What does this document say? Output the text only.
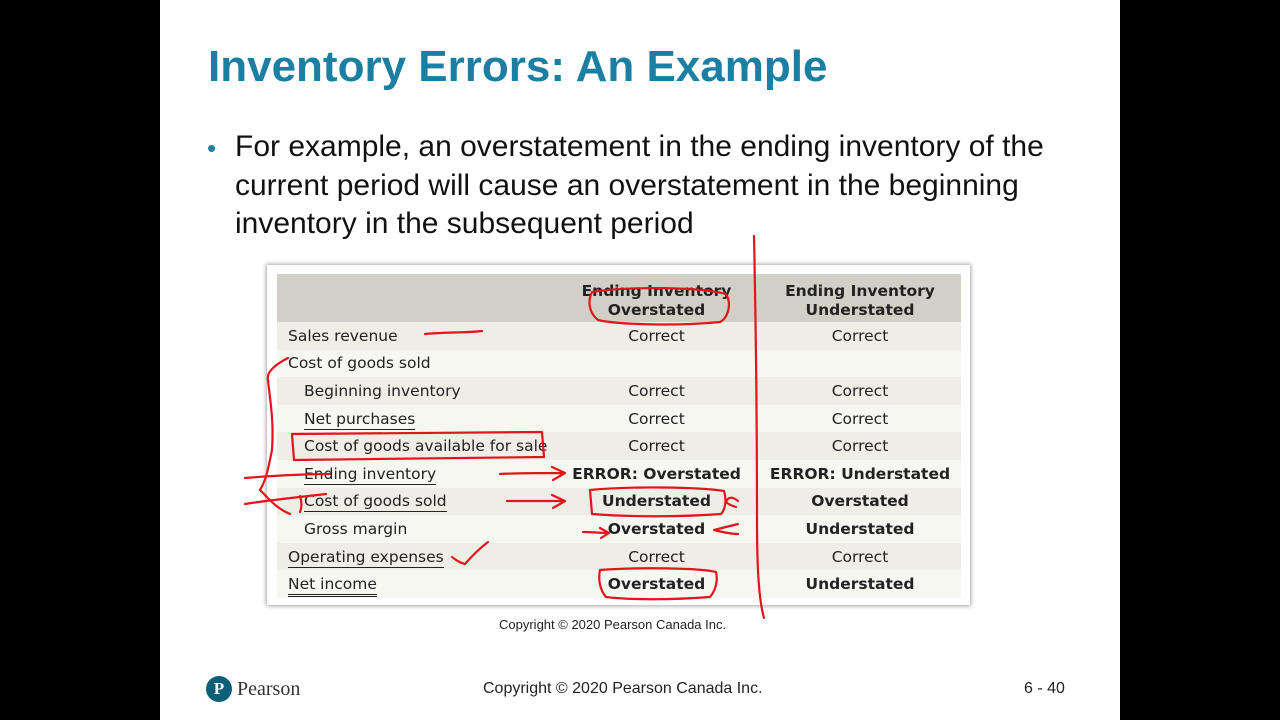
Inventory Errors: An Example
• For example, an overstatement in the ending inventory of the current period will cause an overstatement in the beginning inventory in the subsequent period
	Ending Inventory Overstated	Ending Inventory Understated
Sales revenue	Correct	Correct
Cost of goods sold		
Beginning inventory	Correct	Correct
Net purchases	Correct	Correct
Cost of goods available for sale	Correct	Correct
Ending inventory	ERROR: Overstated	ERROR: Understated
Cost of goods sold	Understated	Overstated
Gross margin	Overstated	Understated
Operating expenses	Correct	Correct
Net income	Overstated	Understated
Copyright © 2020 Pearson Canada Inc.
P Pearson	Copyright © 2020 Pearson Canada Inc.	6 - 40
